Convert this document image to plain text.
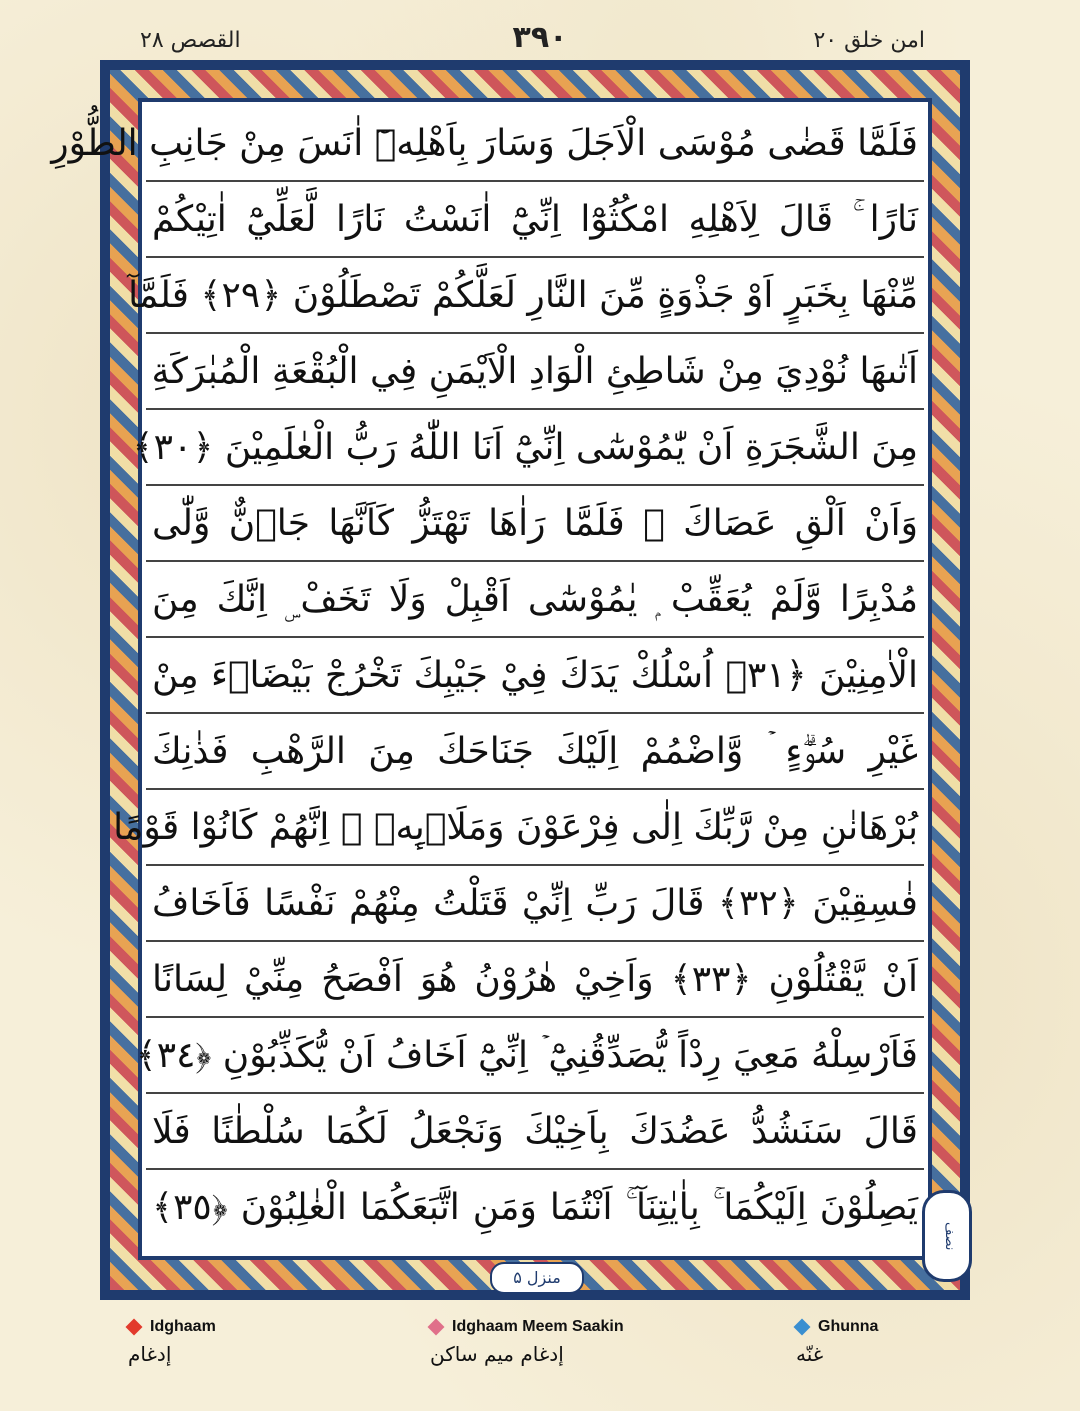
القصص ٢٨	۳۹۰	امن خلق ٢٠
فَلَمَّا قَضٰى مُوْسَى الْاَجَلَ وَسَارَ بِاَهْلِهٖٓ اٰنَسَ مِنْ جَانِبِ الطُّوْرِ
نَارًا ۚ قَالَ لِاَهْلِهِ امْكُثُوْٓا اِنِّيْٓ اٰنَسْتُ نَارًا لَّعَلِّيْٓ اٰتِيْكُمْ
مِّنْهَا بِخَبَرٍ اَوْ جَذْوَةٍ مِّنَ النَّارِ لَعَلَّكُمْ تَصْطَلُوْنَ ﴿٢٩﴾ فَلَمَّآ
اَتٰىهَا نُوْدِيَ مِنْ شَاطِئِ الْوَادِ الْاَيْمَنِ فِي الْبُقْعَةِ الْمُبٰرَكَةِ
مِنَ الشَّجَرَةِ اَنْ يّٰمُوْسٰٓى اِنِّيْٓ اَنَا اللّٰهُ رَبُّ الْعٰلَمِيْنَ ﴿٣٠﴾
وَاَنْ اَلْقِ عَصَاكَ ۭ فَلَمَّا رَاٰهَا تَهْتَزُّ كَاَنَّهَا جَاۗنٌّ وَّلّٰى
مُدْبِرًا وَّلَمْ يُعَقِّبْ ۭ يٰمُوْسٰٓى اَقْبِلْ وَلَا تَخَفْ ۣ اِنَّكَ مِنَ
الْاٰمِنِيْنَ ﴿٣١﴾ اُسْلُكْ يَدَكَ فِيْ جَيْبِكَ تَخْرُجْ بَيْضَاۗءَ مِنْ
غَيْرِ سُوْۗءٍ ۡ وَّاضْمُمْ اِلَيْكَ جَنَاحَكَ مِنَ الرَّهْبِ فَذٰنِكَ
بُرْهَانٰنِ مِنْ رَّبِّكَ اِلٰى فِرْعَوْنَ وَمَلَا۟ىِٕهٖ ۭ اِنَّهُمْ كَانُوْا قَوْمًا
فٰسِقِيْنَ ﴿٣٢﴾ قَالَ رَبِّ اِنِّيْ قَتَلْتُ مِنْهُمْ نَفْسًا فَاَخَافُ
اَنْ يَّقْتُلُوْنِ ﴿٣٣﴾ وَاَخِيْ هٰرُوْنُ هُوَ اَفْصَحُ مِنِّيْ لِسَانًا
فَاَرْسِلْهُ مَعِيَ رِدْاً يُّصَدِّقُنِيْٓ ۡ اِنِّيْٓ اَخَافُ اَنْ يُّكَذِّبُوْنِ ﴿٣٤﴾
قَالَ سَنَشُدُّ عَضُدَكَ بِاَخِيْكَ وَنَجْعَلُ لَكُمَا سُلْطٰنًا فَلَا
يَصِلُوْنَ اِلَيْكُمَا ۚ بِاٰيٰتِنَآ ۚ اَنْتُمَا وَمَنِ اتَّبَعَكُمَا الْغٰلِبُوْنَ ﴿٣٥﴾
منزل ۵
نصف
Idghaam
إدغام
Idghaam Meem Saakin
إدغام میم ساکن
Ghunna
غنّه
